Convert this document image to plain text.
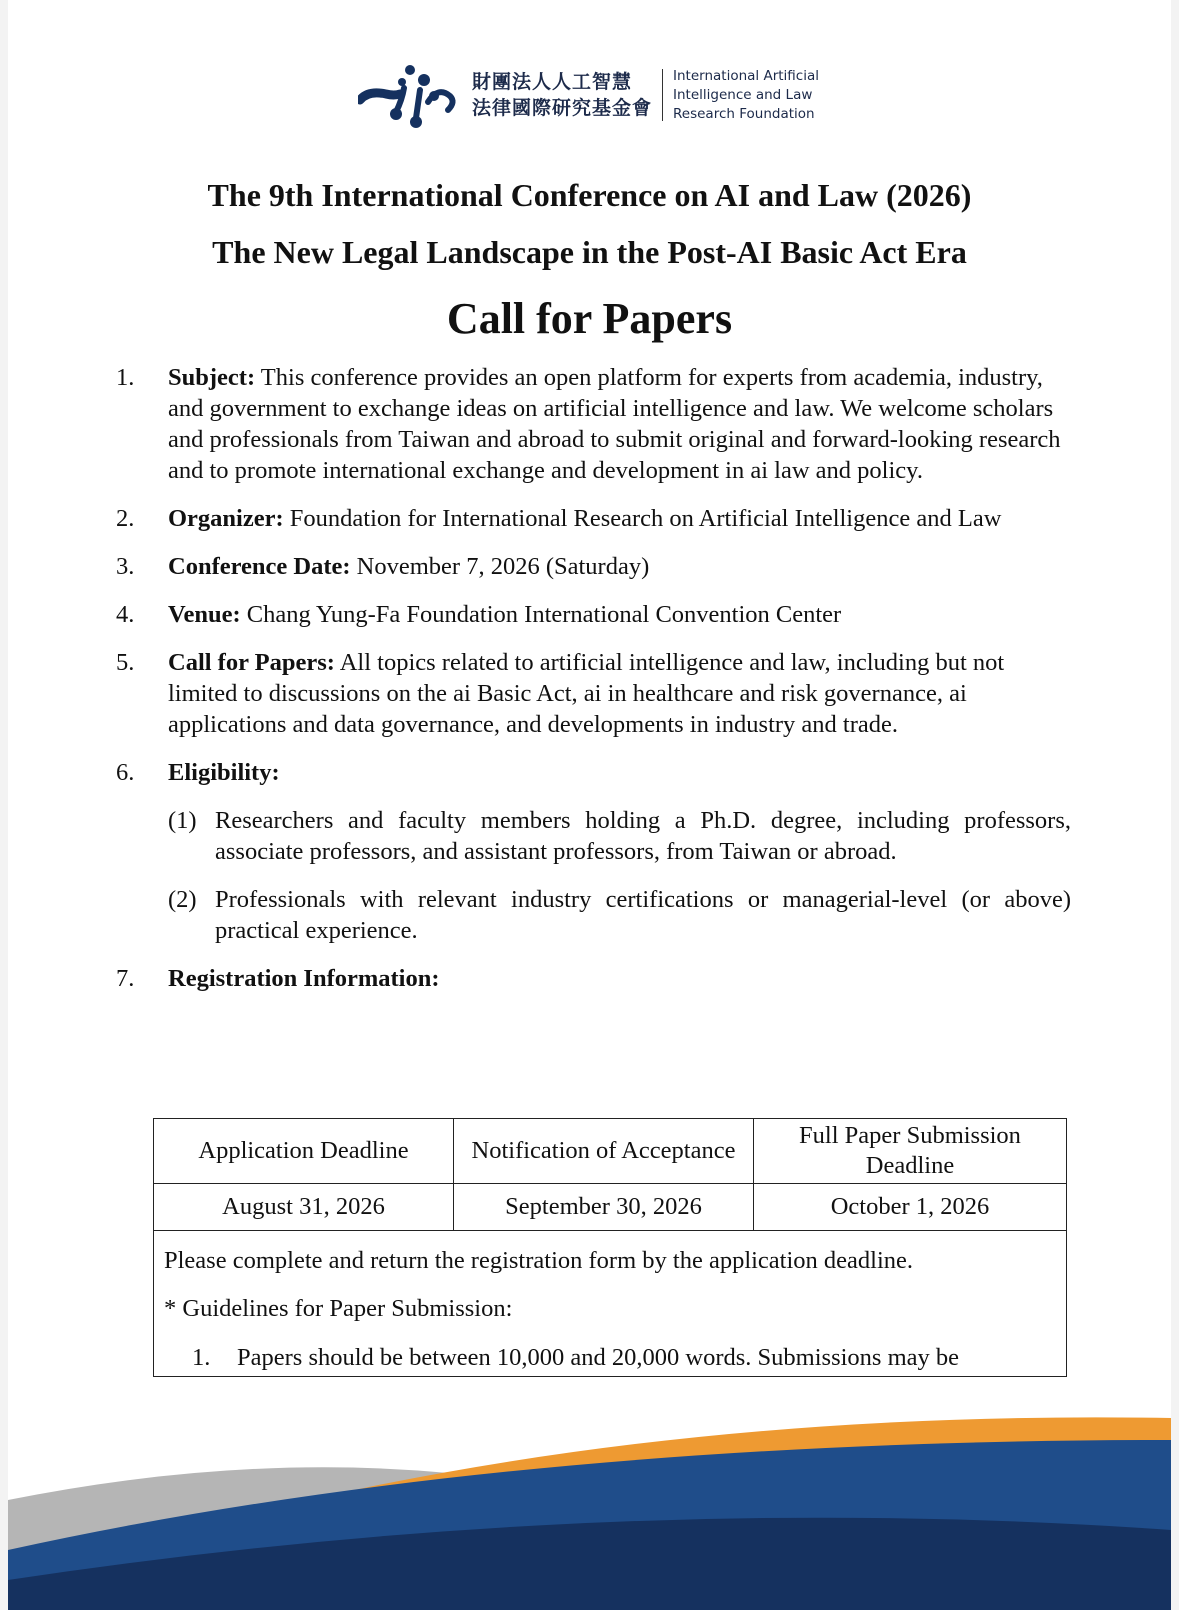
財團法人人工智慧
法律國際研究基金會
International Artificial
Intelligence and Law
Research Foundation
The 9th International Conference on AI and Law (2026)
The New Legal Landscape in the Post-AI Basic Act Era
Call for Papers
1.	Subject: This conference provides an open platform for experts from academia, industry, and government to exchange ideas on artificial intelligence and law. We welcome scholars and professionals from Taiwan and abroad to submit original and forward-looking research and to promote international exchange and development in ai law and policy.
2.	Organizer: Foundation for International Research on Artificial Intelligence and Law
3.	Conference Date: November 7, 2026 (Saturday)
4.	Venue: Chang Yung-Fa Foundation International Convention Center
5.	Call for Papers: All topics related to artificial intelligence and law, including but not limited to discussions on the ai Basic Act, ai in healthcare and risk governance, ai applications and data governance, and developments in industry and trade.
6.	Eligibility:
(1) Researchers and faculty members holding a Ph.D. degree, including professors, associate professors, and assistant professors, from Taiwan or abroad.
(2) Professionals with relevant industry certifications or managerial-level (or above) practical experience.
7.	Registration Information:
Application Deadline	Notification of Acceptance	Full Paper Submission Deadline
August 31, 2026	September 30, 2026	October 1, 2026
Please complete and return the registration form by the application deadline.
* Guidelines for Paper Submission:
1.	Papers should be between 10,000 and 20,000 words. Submissions may be
